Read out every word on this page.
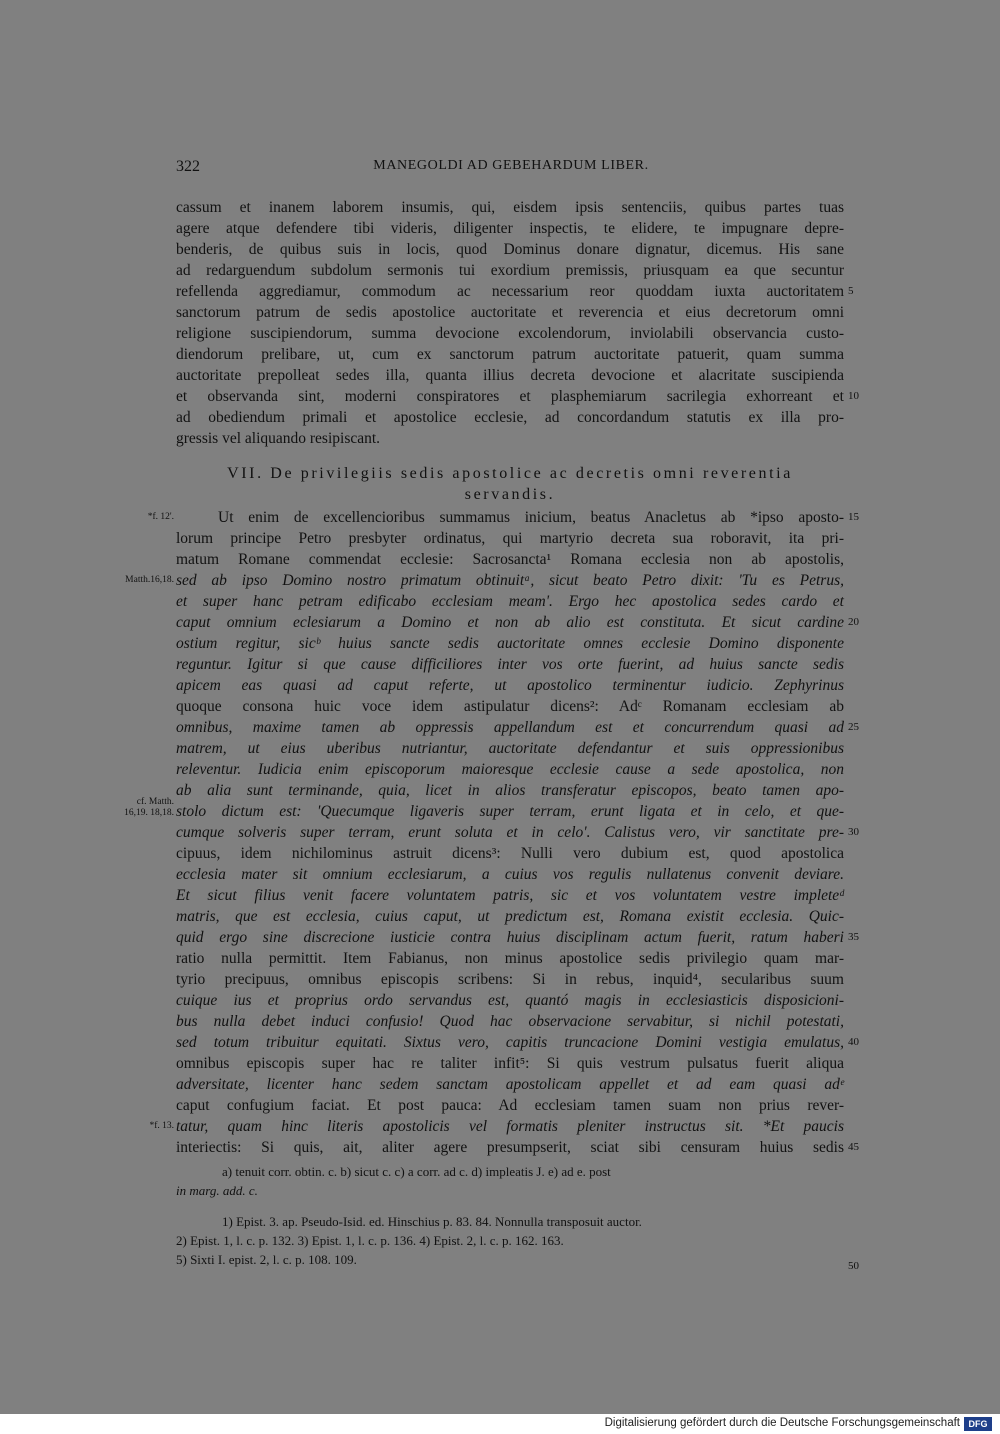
322	MANEGOLDI AD GEBEHARDUM LIBER.
cassum et inanem laborem insumis, qui, eisdem ipsis sentenciis, quibus partes tuas
agere atque defendere tibi videris, diligenter inspectis, te elidere, te impugnare depre-
benderis, de quibus suis in locis, quod Dominus donare dignatur, dicemus. His sane
ad redarguendum subdolum sermonis tui exordium premissis, priusquam ea que secuntur
refellenda aggrediamur, commodum ac necessarium reor quoddam iuxta auctoritatem
sanctorum patrum de sedis apostolice auctoritate et reverencia et eius decretorum omni
religione suscipiendorum, summa devocione excolendorum, inviolabili observancia custo-
diendorum prelibare, ut, cum ex sanctorum patrum auctoritate patuerit, quam summa
auctoritate prepolleat sedes illa, quanta illius decreta devocione et alacritate suscipienda
et observanda sint, moderni conspiratores et plasphemiarum sacrilegia exhorreant et
ad obediendum primali et apostolice ecclesie, ad concordandum statutis ex illa pro-
gressis vel aliquando resipiscant.
VII. De privilegiis sedis apostolice ac decretis omni reverentia
servandis.
Ut enim de excellencioribus summamus inicium, beatus Anacletus ab *ipso aposto-
lorum principe Petro presbyter ordinatus, qui martyrio decreta sua roboravit, ita pri-
matum Romane commendat ecclesie: Sacrosancta¹ Romana ecclesia non ab apostolis,
sed ab ipso Domino nostro primatum obtinuitᵃ, sicut beato Petro dixit: 'Tu es Petrus,
et super hanc petram edificabo ecclesiam meam'. Ergo hec apostolica sedes cardo et
caput omnium eclesiarum a Domino et non ab alio est constituta. Et sicut cardine
ostium regitur, sicᵇ huius sancte sedis auctoritate omnes ecclesie Domino disponente
reguntur. Igitur si que cause difficiliores inter vos orte fuerint, ad huius sancte sedis
apicem eas quasi ad caput referte, ut apostolico terminentur iudicio. Zephyrinus
quoque consona huic voce idem astipulatur dicens²: Adᶜ Romanam ecclesiam ab
omnibus, maxime tamen ab oppressis appellandum est et concurrendum quasi ad
matrem, ut eius uberibus nutriantur, auctoritate defendantur et suis oppressionibus
releventur. Iudicia enim episcoporum maioresque ecclesie cause a sede apostolica, non
ab alia sunt terminande, quia, licet in alios transferatur episcopos, beato tamen apo-
stolo dictum est: 'Quecumque ligaveris super terram, erunt ligata et in celo, et que-
cumque solveris super terram, erunt soluta et in celo'. Calistus vero, vir sanctitate pre-
cipuus, idem nichilominus astruit dicens³: Nulli vero dubium est, quod apostolica
ecclesia mater sit omnium ecclesiarum, a cuius vos regulis nullatenus convenit deviare.
Et sicut filius venit facere voluntatem patris, sic et vos voluntatem vestre impleteᵈ
matris, que est ecclesia, cuius caput, ut predictum est, Romana existit ecclesia. Quic-
quid ergo sine discrecione iusticie contra huius disciplinam actum fuerit, ratum haberi
ratio nulla permittit. Item Fabianus, non minus apostolice sedis privilegio quam mar-
tyrio precipuus, omnibus episcopis scribens: Si in rebus, inquid⁴, secularibus suum
cuique ius et proprius ordo servandus est, quantó magis in ecclesiasticis disposicioni-
bus nulla debet induci confusio! Quod hac observacione servabitur, si nichil potestati,
sed totum tribuitur equitati. Sixtus vero, capitis truncacione Domini vestigia emulatus,
omnibus episcopis super hac re taliter infit⁵: Si quis vestrum pulsatus fuerit aliqua
adversitate, licenter hanc sedem sanctam apostolicam appellet et ad eam quasi adᵉ
caput confugium faciat. Et post pauca: Ad ecclesiam tamen suam non prius rever-
tatur, quam hinc literis apostolicis vel formatis pleniter instructus sit. *Et paucis
interiectis: Si quis, ait, aliter agere presumpserit, sciat sibi censuram huius sedis
5
10
15
20
25
30
35
40
45
50
*f. 12'.
Matth.16,18.
cf. Matth.
16,19. 18,18.
*f. 13.
a) tenuit corr. obtin. c. b) sicut c. c) a corr. ad c. d) impleatis J. e) ad e. post
in marg. add. c.
1) Epist. 3. ap. Pseudo-Isid. ed. Hinschius p. 83. 84. Nonnulla transposuit auctor.
2) Epist. 1, l. c. p. 132. 3) Epist. 1, l. c. p. 136. 4) Epist. 2, l. c. p. 162. 163.
5) Sixti I. epist. 2, l. c. p. 108. 109.
Digitalisierung gefördert durch die Deutsche Forschungsgemeinschaft DFG
